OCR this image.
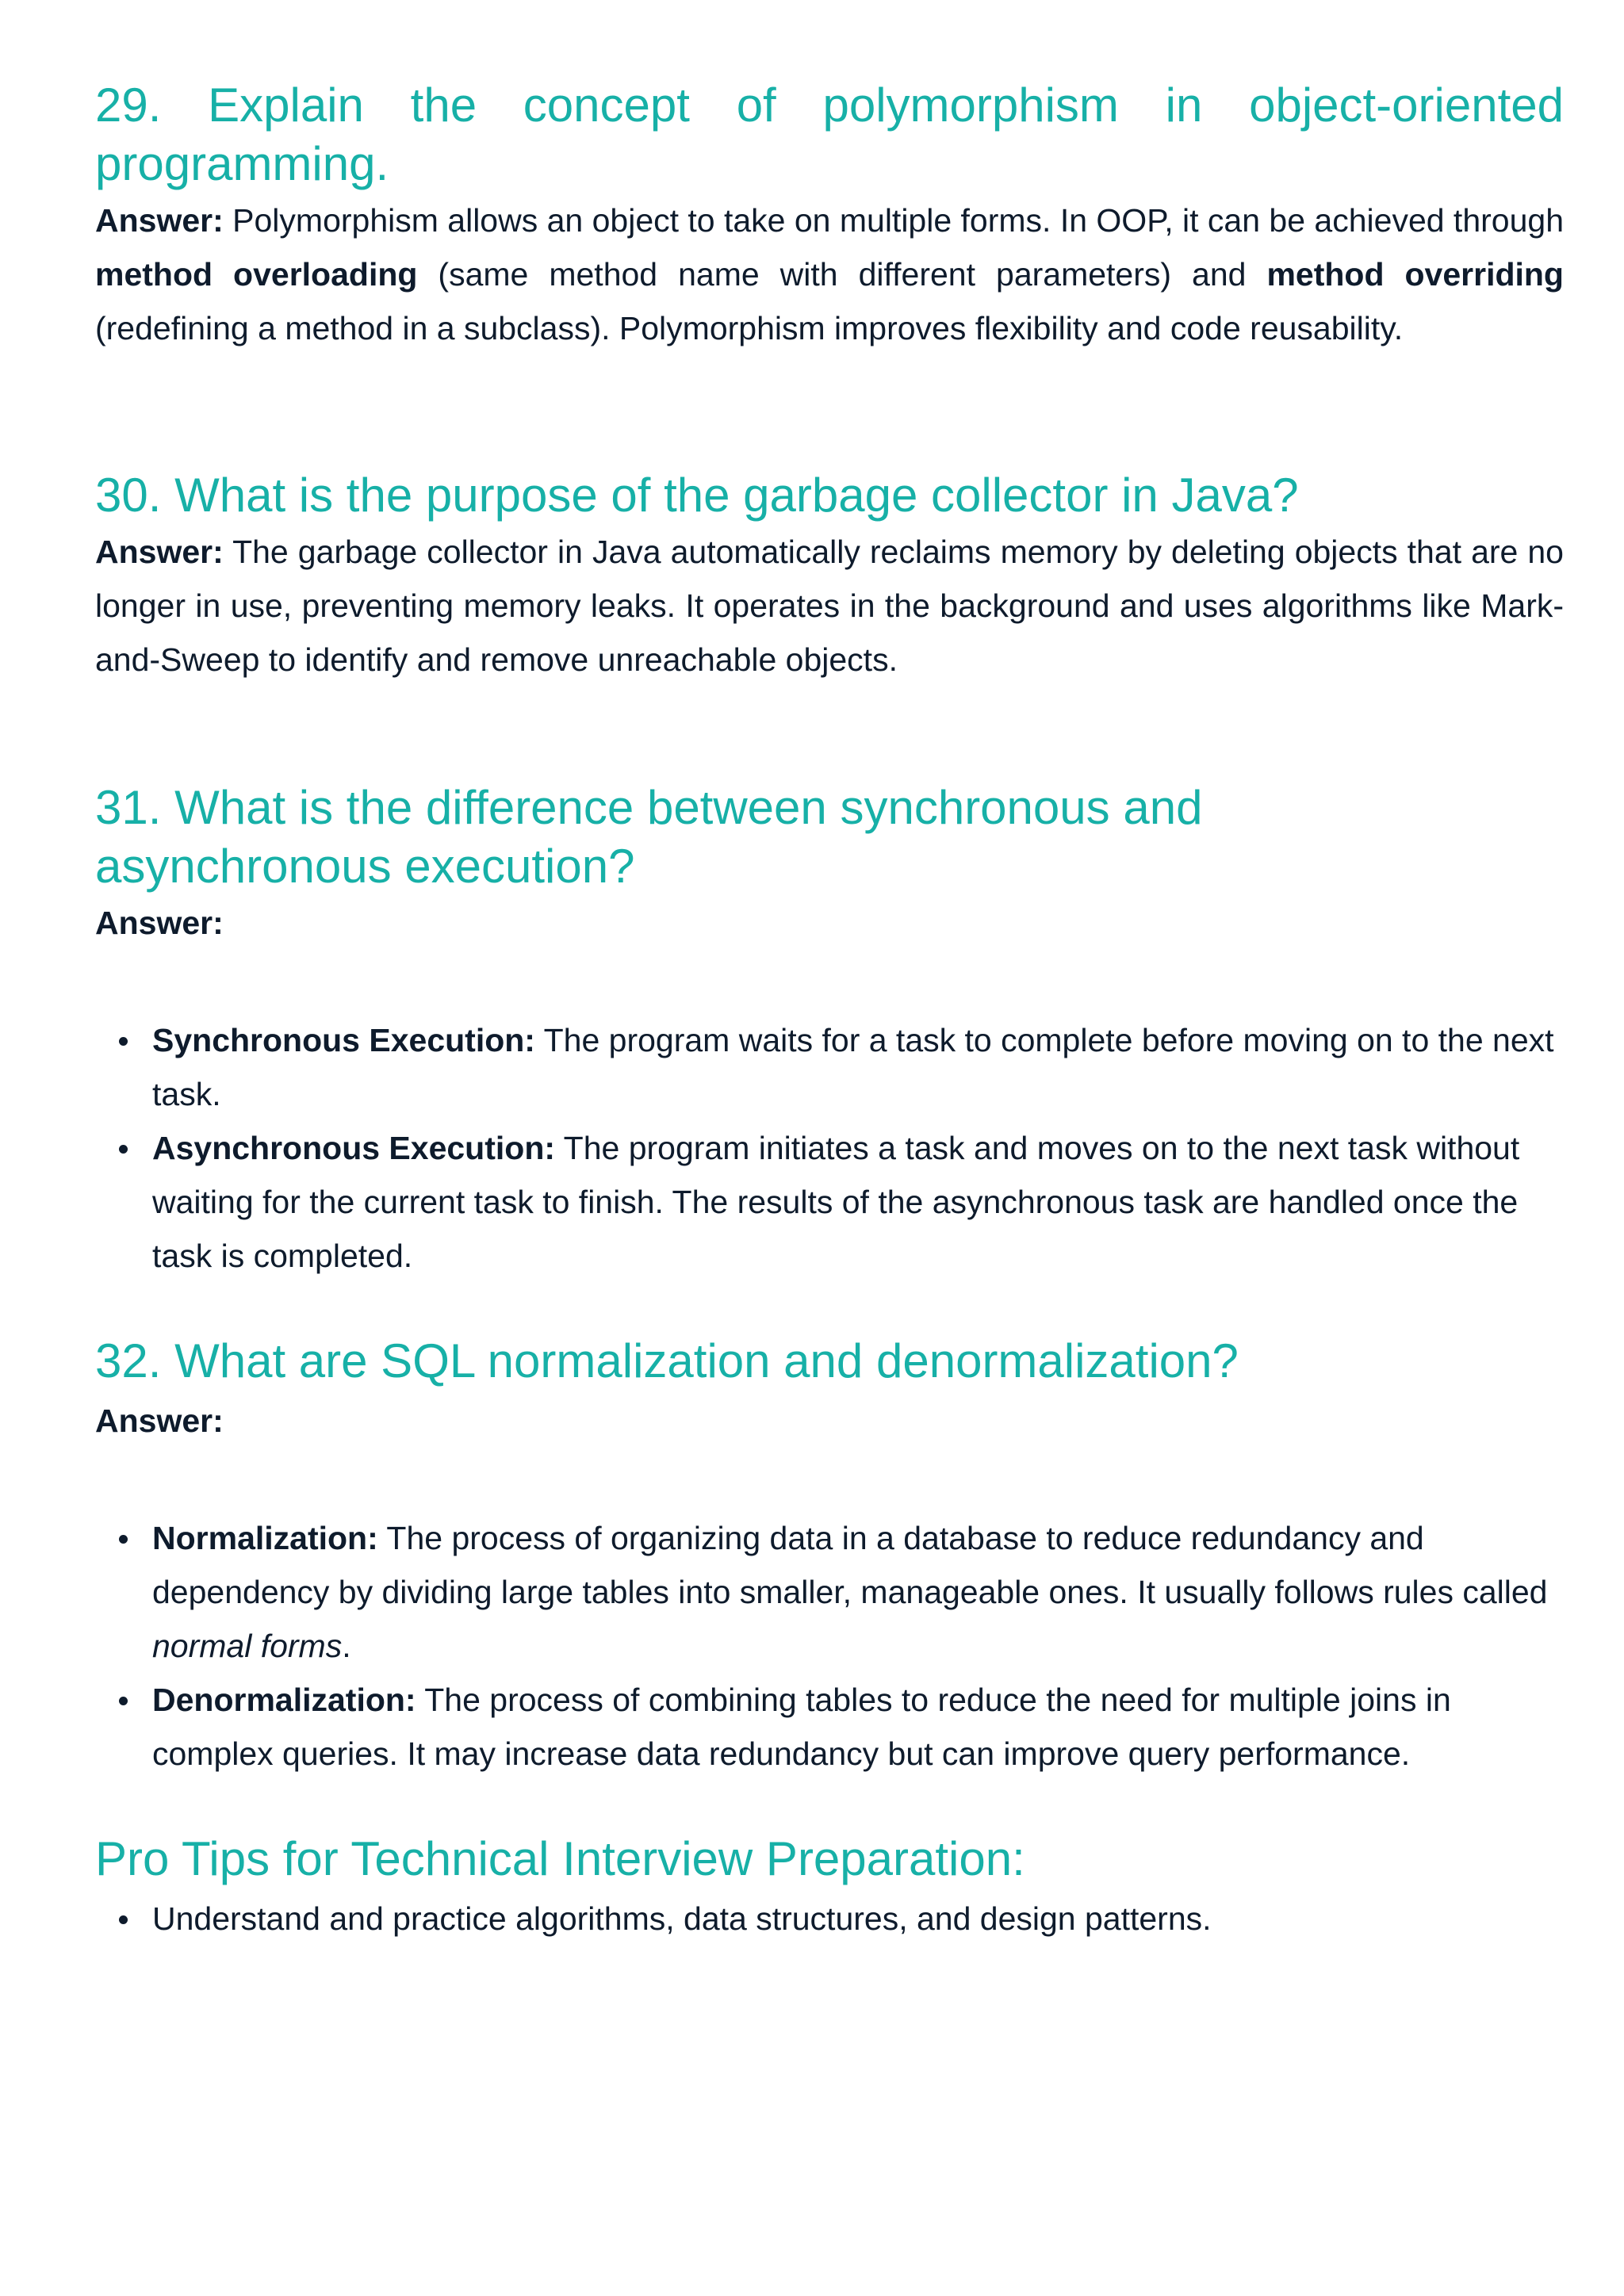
29. Explain the concept of polymorphism in object-oriented programming.

Answer: Polymorphism allows an object to take on multiple forms. In OOP, it can be achieved through method overloading (same method name with different parameters) and method overriding (redefining a method in a subclass). Polymorphism improves flexibility and code reusability.

30. What is the purpose of the garbage collector in Java?

Answer: The garbage collector in Java automatically reclaims memory by deleting objects that are no longer in use, preventing memory leaks. It operates in the background and uses algorithms like Mark-and-Sweep to identify and remove unreachable objects.

31. What is the difference between synchronous and
asynchronous execution?

Answer:

Synchronous Execution: The program waits for a task to complete before moving on to the next task.
Asynchronous Execution: The program initiates a task and moves on to the next task without waiting for the current task to finish. The results of the asynchronous task are handled once the task is completed.
32. What are SQL normalization and denormalization?

Answer:

Normalization: The process of organizing data in a database to reduce redundancy and dependency by dividing large tables into smaller, manageable ones. It usually follows rules called normal forms.
Denormalization: The process of combining tables to reduce the need for multiple joins in complex queries. It may increase data redundancy but can improve query performance.
Pro Tips for Technical Interview Preparation:
Understand and practice algorithms, data structures, and design patterns.
